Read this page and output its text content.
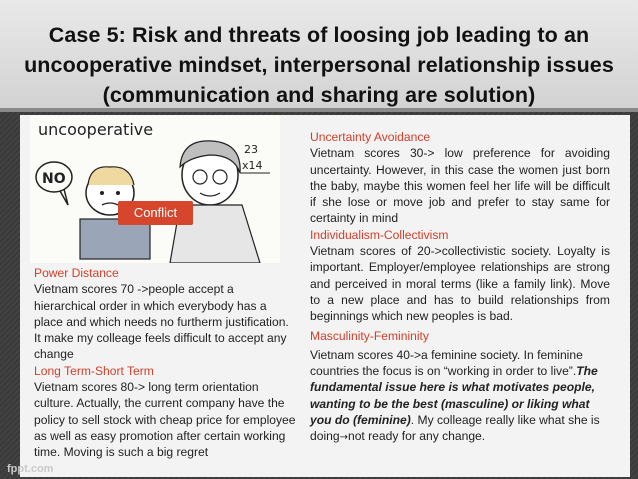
Case 5: Risk and threats of loosing job leading to an uncooperative mindset, interpersonal relationship issues (communication and sharing are solution)
uncooperative
NO
23
x14
Conflict
Power Distance

Vietnam scores 70 ->people accept a hierarchical order in which everybody has a place and which needs no furtherm justification. It make my colleage feels difficult to accept any change

Long Term-Short Term

Vietnam scores 80-> long term orientation culture. Actually, the current company have the policy to sell stock with cheap price for employee as well as easy promotion after certain working time. Moving is such a big regret

Uncertainty Avoidance

Vietnam scores 30-> low preference for avoiding uncertainty. However, in this case the women just born the baby, maybe this women feel her life will be difficult if she lose or move job and prefer to stay same for certainty in mind

Individualism-Collectivism

Vietnam scores of 20->collectivistic society. Loyalty is important. Employer/employee relationships are strong and perceived in moral terms (like a family link). Move to a new place and has to build relationships from beginnings which new peoples is bad.

Masculinity-Femininity

Vietnam scores 40->a feminine society. In feminine countries the focus is on “working in order to live”.The fundamental issue here is what motivates people, wanting to be the best (masculine) or liking what you do (feminine). My colleage really like what she is doing→not ready for any change.

fppt.com
